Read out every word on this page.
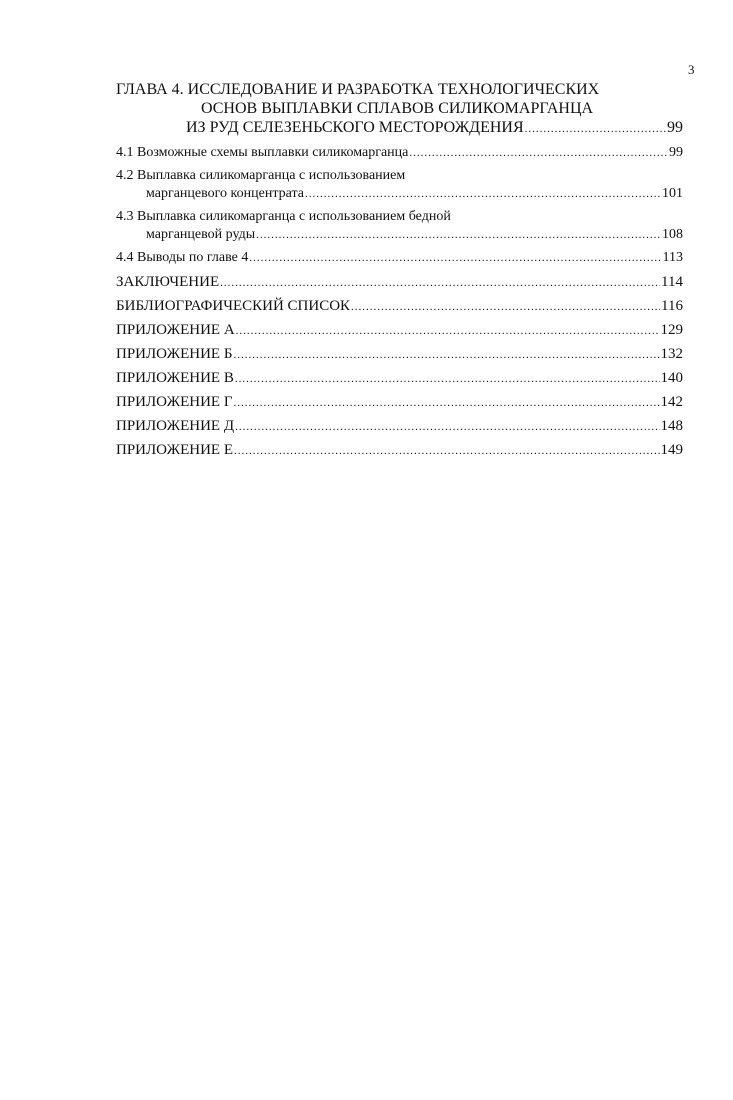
3
ГЛАВА 4. ИССЛЕДОВАНИЕ И РАЗРАБОТКА ТЕХНОЛОГИЧЕСКИХ
ОСНОВ ВЫПЛАВКИ СПЛАВОВ СИЛИКОМАРГАНЦА
ИЗ РУД СЕЛЕЗЕНЬСКОГО МЕСТОРОЖДЕНИЯ .....	99
4.1 Возможные схемы выплавки силикомарганца .....	99
4.2 Выплавка силикомарганца с использованием
марганцевого концентрата .....	101
4.3 Выплавка силикомарганца с использованием бедной
марганцевой руды .....	108
4.4 Выводы по главе 4 .....	113
ЗАКЛЮЧЕНИЕ .....	114
БИБЛИОГРАФИЧЕСКИЙ СПИСОК .....	116
ПРИЛОЖЕНИЕ А .....	129
ПРИЛОЖЕНИЕ Б .....	132
ПРИЛОЖЕНИЕ В .....	140
ПРИЛОЖЕНИЕ Г .....	142
ПРИЛОЖЕНИЕ Д .....	148
ПРИЛОЖЕНИЕ Е .....	149
